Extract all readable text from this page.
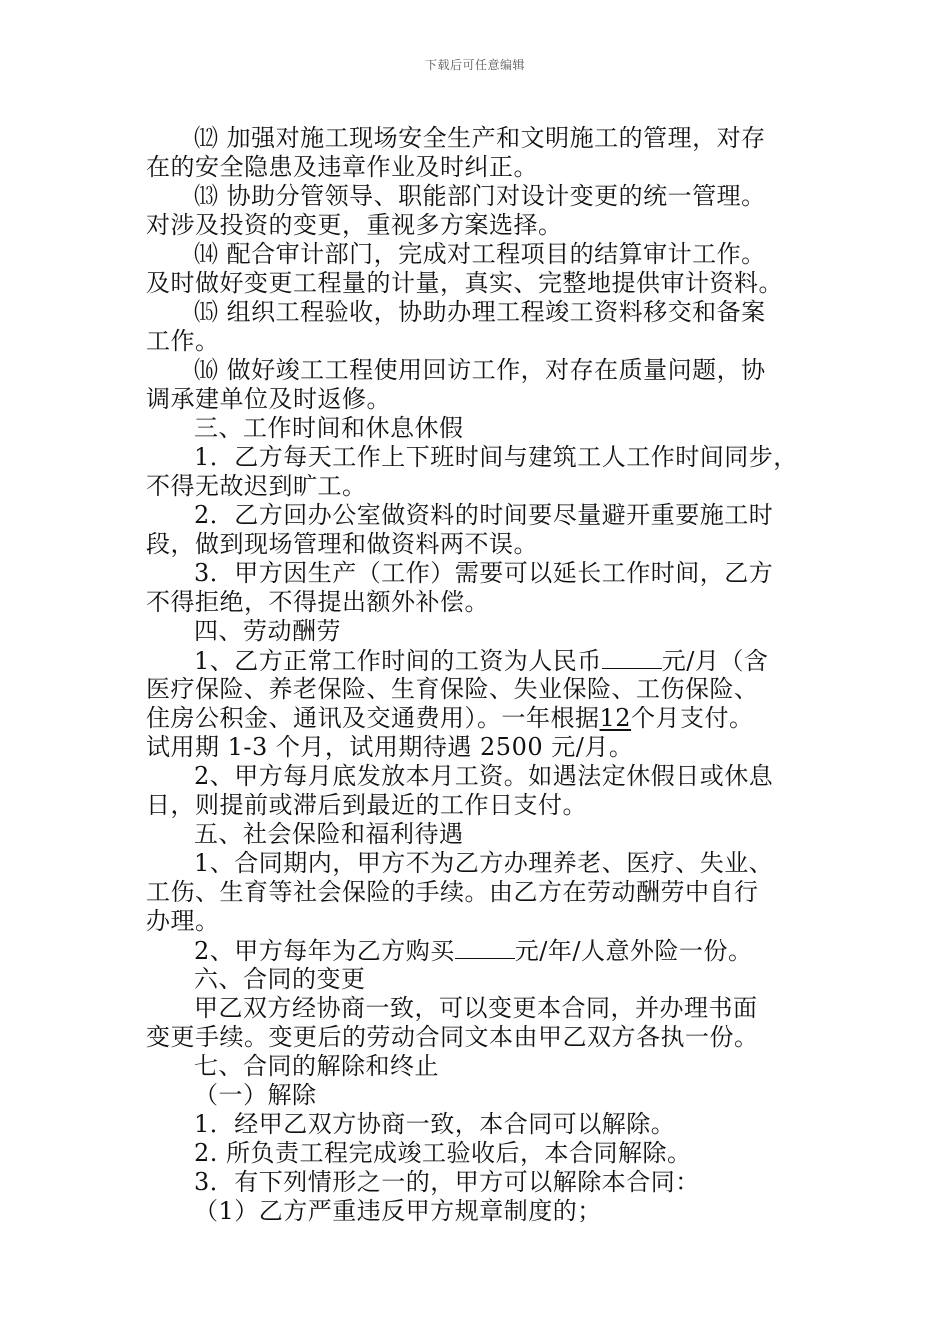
下载后可任意编辑
⑿ 加强对施工现场安全生产和文明施工的管理，对存
在的安全隐患及违章作业及时纠正。
⒀ 协助分管领导、职能部门对设计变更的统一管理。
对涉及投资的变更，重视多方案选择。
⒁ 配合审计部门，完成对工程项目的结算审计工作。
及时做好变更工程量的计量，真实、完整地提供审计资料。
⒂ 组织工程验收，协助办理工程竣工资料移交和备案
工作。
⒃ 做好竣工工程使用回访工作，对存在质量问题，协
调承建单位及时返修。
三、工作时间和休息休假
1．乙方每天工作上下班时间与建筑工人工作时间同步，
不得无故迟到旷工。
2．乙方回办公室做资料的时间要尽量避开重要施工时
段，做到现场管理和做资料两不误。
3．甲方因生产（工作）需要可以延长工作时间，乙方
不得拒绝，不得提出额外补偿。
四、劳动酬劳
1、乙方正常工作时间的工资为人民币	元/月（含
医疗保险、养老保险、生育保险、失业保险、工伤保险、
住房公积金、通讯及交通费用）。一年根据12个月支付。
试用期 1-3 个月，试用期待遇 2500 元/月。
2、甲方每月底发放本月工资。如遇法定休假日或休息
日，则提前或滞后到最近的工作日支付。
五、社会保险和福利待遇
1、合同期内，甲方不为乙方办理养老、医疗、失业、
工伤、生育等社会保险的手续。由乙方在劳动酬劳中自行
办理。
2、甲方每年为乙方购买	元/年/人意外险一份。
六、合同的变更
甲乙双方经协商一致，可以变更本合同，并办理书面
变更手续。变更后的劳动合同文本由甲乙双方各执一份。
七、合同的解除和终止
（一）解除
1．经甲乙双方协商一致，本合同可以解除。
2. 所负责工程完成竣工验收后，本合同解除。
3．有下列情形之一的，甲方可以解除本合同：
（1）乙方严重违反甲方规章制度的；
